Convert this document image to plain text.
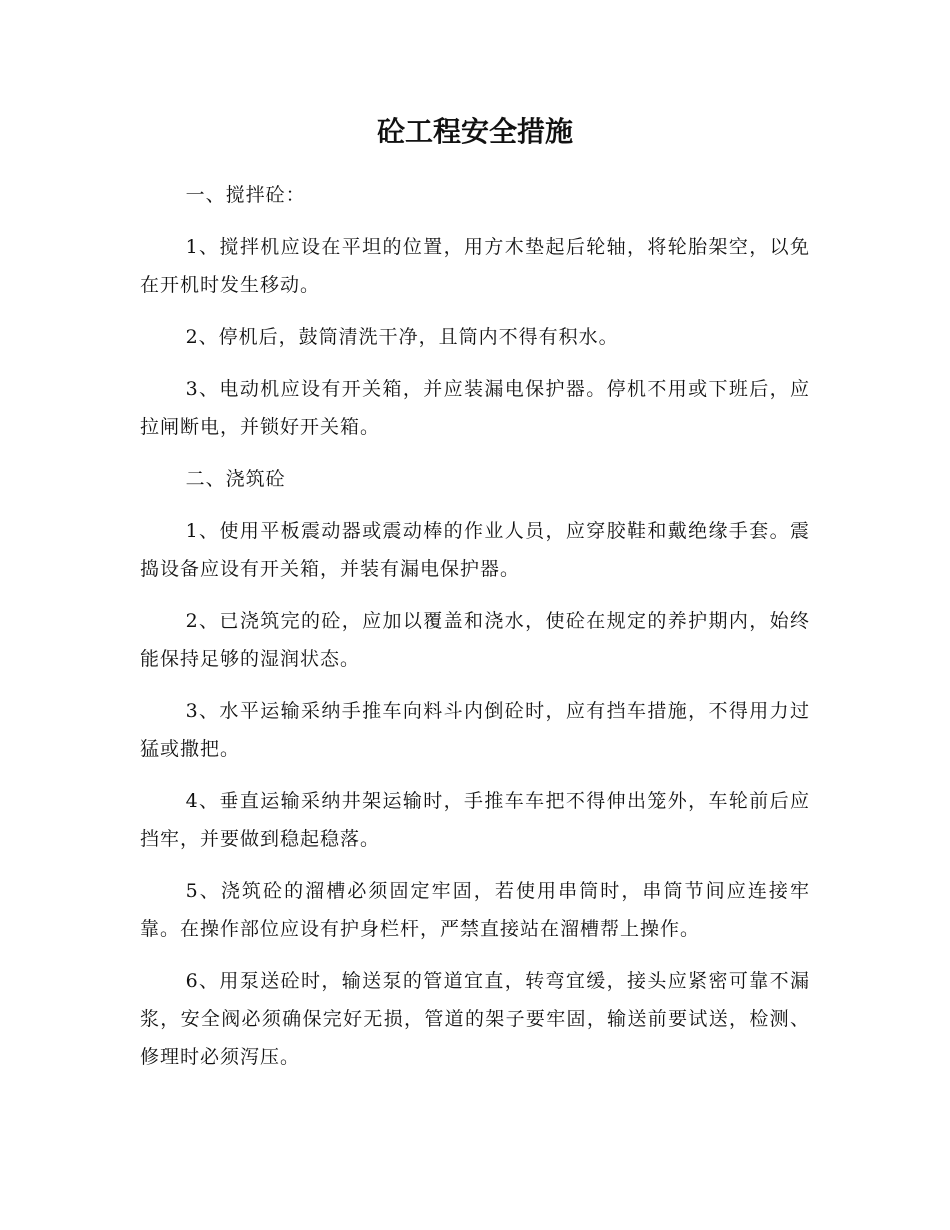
砼工程安全措施

一、搅拌砼：

1、搅拌机应设在平坦的位置，用方木垫起后轮轴，将轮胎架空，以免在开机时发生移动。

2、停机后，鼓筒清洗干净，且筒内不得有积水。

3、电动机应设有开关箱，并应装漏电保护器。停机不用或下班后，应拉闸断电，并锁好开关箱。

二、浇筑砼

1、使用平板震动器或震动棒的作业人员，应穿胶鞋和戴绝缘手套。震捣设备应设有开关箱，并装有漏电保护器。

2、已浇筑完的砼，应加以覆盖和浇水，使砼在规定的养护期内，始终能保持足够的湿润状态。

3、水平运输采纳手推车向料斗内倒砼时，应有挡车措施，不得用力过猛或撒把。

4、垂直运输采纳井架运输时，手推车车把不得伸出笼外，车轮前后应挡牢，并要做到稳起稳落。

5、浇筑砼的溜槽必须固定牢固，若使用串筒时，串筒节间应连接牢靠。在操作部位应设有护身栏杆，严禁直接站在溜槽帮上操作。

6、用泵送砼时，输送泵的管道宜直，转弯宜缓，接头应紧密可靠不漏浆，安全阀必须确保完好无损，管道的架子要牢固，输送前要试送，检测、修理时必须泻压。
